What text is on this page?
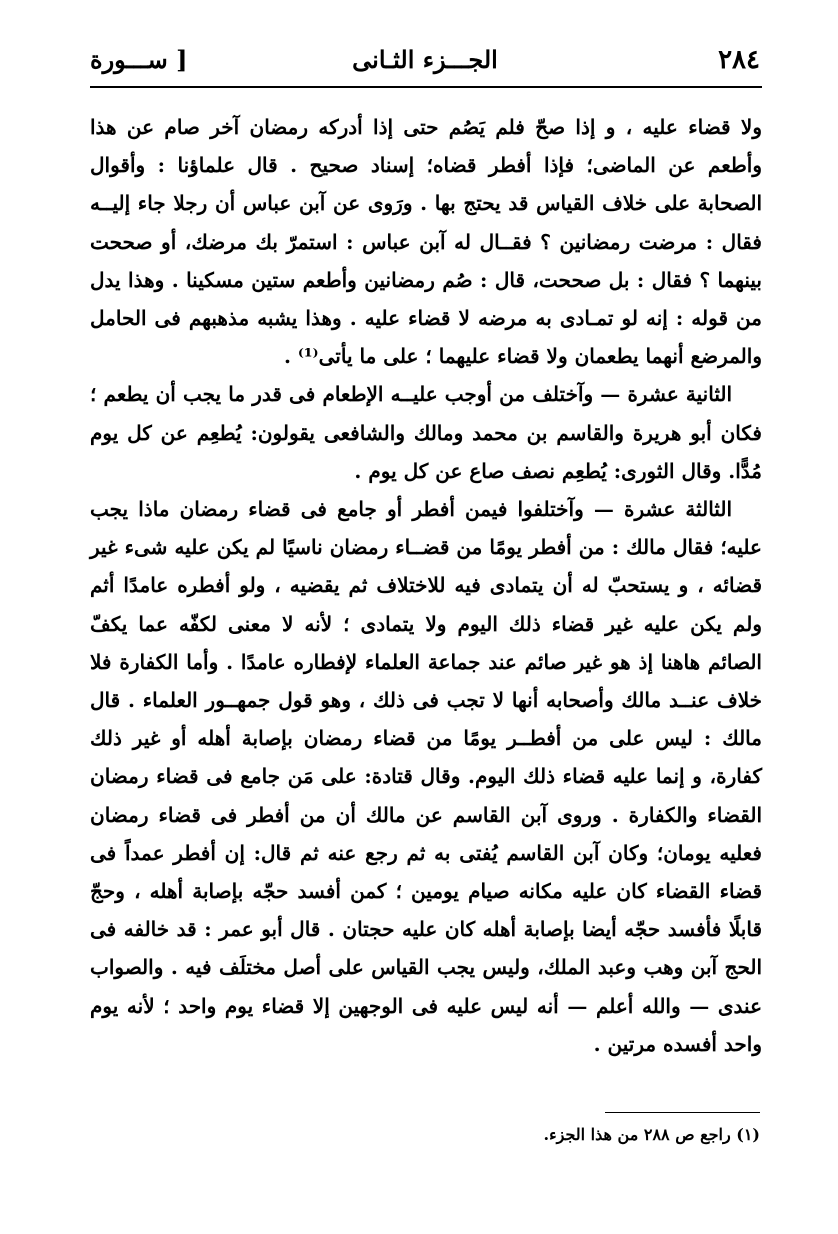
٢٨٤
الجـــزء الثـانى
[ ســـورة

ولا قضاء عليه ، و إذا صحّ فلم يَصُم حتى إذا أدركه رمضان آخر صام عن هذا وأطعم عن الماضى؛ فإذا أفطر قضاه؛ إسناد صحيح . قال علماؤنا : وأقوال الصحابة على خلاف القياس قد يحتج بها . ورَوى عن آبن عباس أن رجلا جاء إليــه فقال : مرضت رمضانين ؟ فقــال له آبن عباس : استمرّ بك مرضك، أو صححت بينهما ؟ فقال : بل صححت، قال : صُم رمضانين وأطعم ستين مسكينا . وهذا يدل من قوله : إنه لو تمـادى به مرضه لا قضاء عليه . وهذا يشبه مذهبهم فى الحامل والمرضع أنهما يطعمان ولا قضاء عليهما ؛ على ما يأتى⁽¹⁾ .

الثانية عشرة — وآختلف من أوجب عليــه الإطعام فى قدر ما يجب أن يطعم ؛ فكان أبو هريرة والقاسم بن محمد ومالك والشافعى يقولون: يُطعِم عن كل يوم مُدًّا. وقال الثورى: يُطعِم نصف صاع عن كل يوم .

الثالثة عشرة — وآختلفوا فيمن أفطر أو جامع فى قضاء رمضان ماذا يجب عليه؛ فقال مالك : من أفطر يومًا من قضــاء رمضان ناسيًا لم يكن عليه شىء غير قضائه ، و يستحبّ له أن يتمادى فيه للاختلاف ثم يقضيه ، ولو أفطره عامدًا أثم ولم يكن عليه غير قضاء ذلك اليوم ولا يتمادى ؛ لأنه لا معنى لكفّه عما يكفّ الصائم هاهنا إذ هو غير صائم عند جماعة العلماء لإفطاره عامدًا . وأما الكفارة فلا خلاف عنــد مالك وأصحابه أنها لا تجب فى ذلك ، وهو قول جمهــور العلماء . قال مالك : ليس على من أفطــر يومًا من قضاء رمضان بإصابة أهله أو غير ذلك كفارة، و إنما عليه قضاء ذلك اليوم. وقال قتادة: على مَن جامع فى قضاء رمضان القضاء والكفارة . وروى آبن القاسم عن مالك أن من أفطر فى قضاء رمضان فعليه يومان؛ وكان آبن القاسم يُفتى به ثم رجع عنه ثم قال: إن أفطر عمداً فى قضاء القضاء كان عليه مكانه صيام يومين ؛ كمن أفسد حجّه بإصابة أهله ، وحجّ قابلًا فأفسد حجّه أيضا بإصابة أهله كان عليه حجتان . قال أبو عمر : قد خالفه فى الحج آبن وهب وعبد الملك، وليس يجب القياس على أصل مختلَف فيه . والصواب عندى — والله أعلم — أنه ليس عليه فى الوجهين إلا قضاء يوم واحد ؛ لأنه يوم واحد أفسده مرتين .

(١) راجع ص ٢٨٨ من هذا الجزء.
